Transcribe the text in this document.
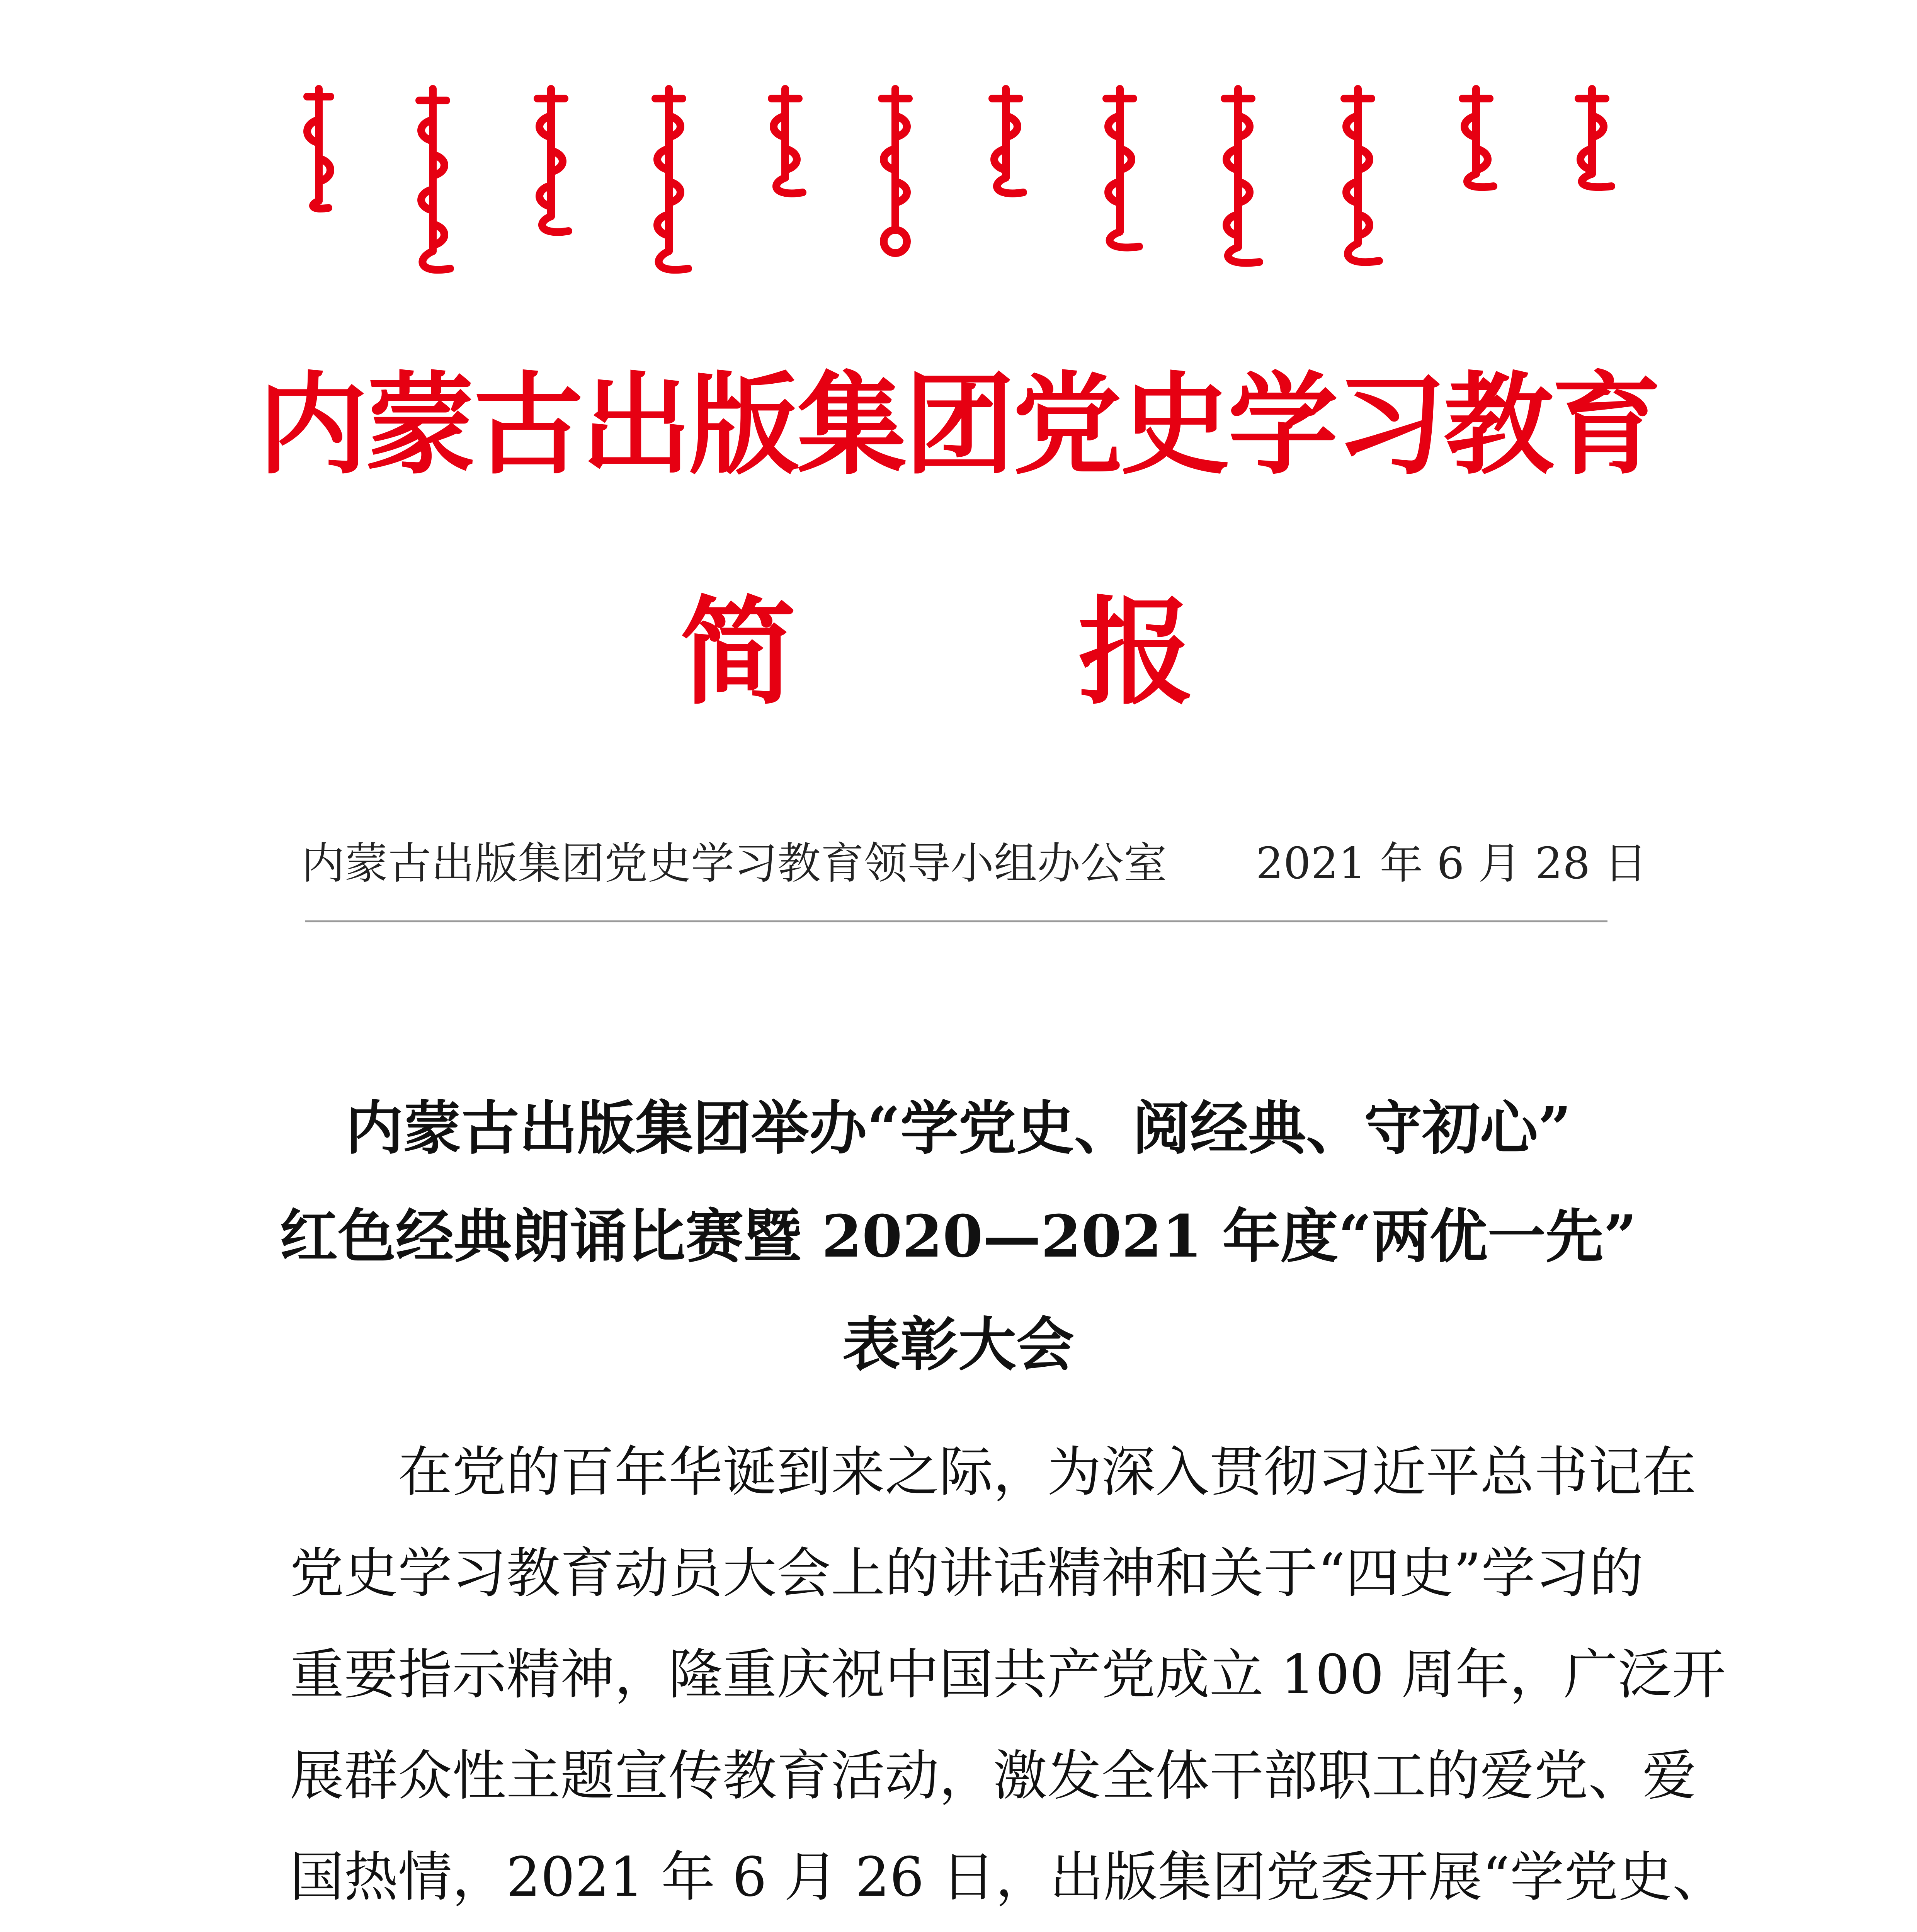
内蒙古出版集团党史学习教育
简 报
内蒙古出版集团党史学习教育领导小组办公室 2021 年 6 月 28 日
内蒙古出版集团举办“学党史、阅经典、守初心”
红色经典朗诵比赛暨 2020—2021 年度“两优一先”
表彰大会
在党的百年华诞到来之际，为深入贯彻习近平总书记在
党史学习教育动员大会上的讲话精神和关于“四史”学习的
重要指示精神，隆重庆祝中国共产党成立 100 周年，广泛开
展群众性主题宣传教育活动，激发全体干部职工的爱党、爱
国热情，2021 年 6 月 26 日，出版集团党委开展“学党史、
